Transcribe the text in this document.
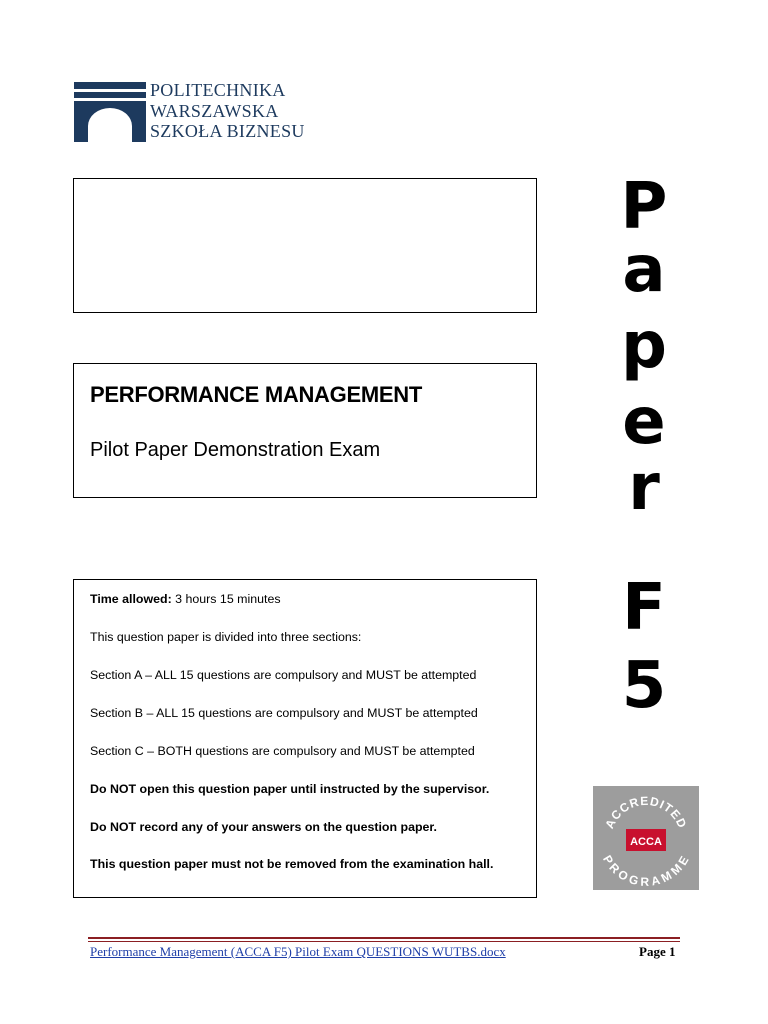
POLITECHNIKA
WARSZAWSKA
SZKOŁA BIZNESU
PERFORMANCE MANAGEMENT
Pilot Paper Demonstration Exam
Time allowed: 3 hours 15 minutes
This question paper is divided into three sections:
Section A – ALL 15 questions are compulsory and MUST be attempted
Section B – ALL 15 questions are compulsory and MUST be attempted
Section C – BOTH questions are compulsory and MUST be attempted
Do NOT open this question paper until instructed by the supervisor.
Do NOT record any of your answers on the question paper.
This question paper must not be removed from the examination hall.
P
a
p
e
r
F
5
ACCREDITED
PROGRAMME
ACCA
Performance Management (ACCA F5) Pilot Exam QUESTIONS WUTBS.docx	Page 1
